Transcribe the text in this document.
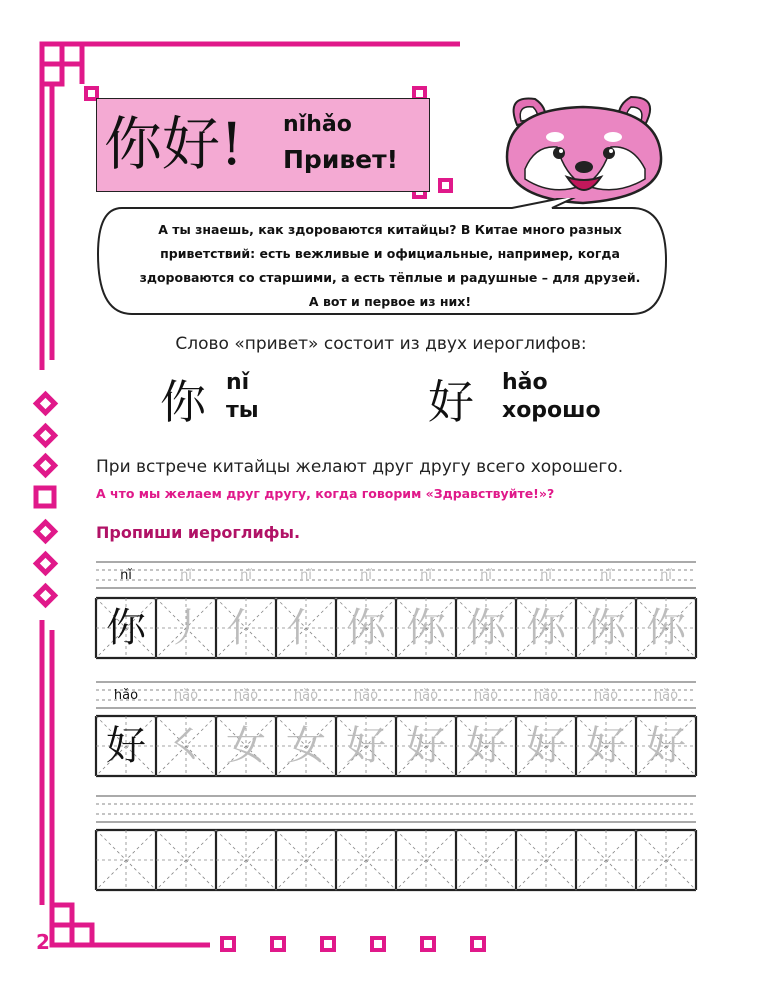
你好!	nǐhǎo
Привет!
А ты знаешь, как здороваются китайцы? В Китае много разных
приветствий: есть вежливые и официальные, например, когда
здороваются со старшими, а есть тёплые и радушные – для друзей.
А вот и первое из них!
Слово «привет» состоит из двух иероглифов:
你 nǐ
ты	好 hǎo
хорошо
При встрече китайцы желают друг другу всего хорошего.
А что мы желаем друг другу, когда говорим «Здравствуйте!»?
Пропиши иероглифы.
nǐ
你
nǐ
丿
nǐ
亻
nǐ
亻
nǐ
你
nǐ
你
nǐ
你
nǐ
你
nǐ
你
nǐ
你
hǎo
好
hǎo
㇛
hǎo
女
hǎo
女
hǎo
好
hǎo
好
hǎo
好
hǎo
好
hǎo
好
hǎo
好
2
